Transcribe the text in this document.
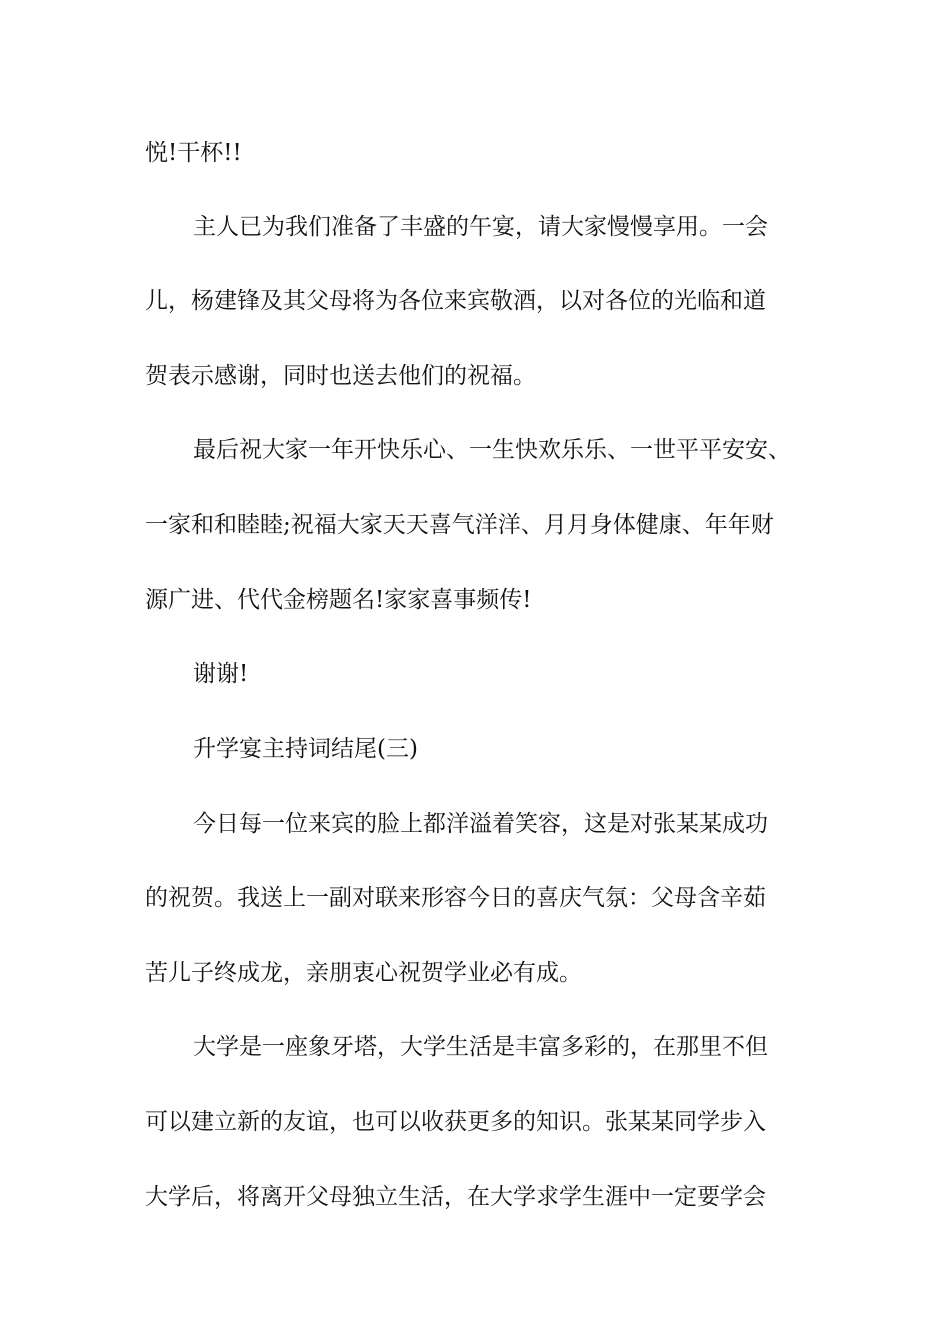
悦!干杯!!
主人已为我们准备了丰盛的午宴，请大家慢慢享用。一会
儿，杨建锋及其父母将为各位来宾敬酒，以对各位的光临和道
贺表示感谢，同时也送去他们的祝福。
最后祝大家一年开快乐心、一生快欢乐乐、一世平平安安、
一家和和睦睦;祝福大家天天喜气洋洋、月月身体健康、年年财
源广进、代代金榜题名!家家喜事频传!
谢谢!
升学宴主持词结尾(三)
今日每一位来宾的脸上都洋溢着笑容，这是对张某某成功
的祝贺。我送上一副对联来形容今日的喜庆气氛：父母含辛茹
苦儿子终成龙，亲朋衷心祝贺学业必有成。
大学是一座象牙塔，大学生活是丰富多彩的，在那里不但
可以建立新的友谊，也可以收获更多的知识。张某某同学步入
大学后，将离开父母独立生活，在大学求学生涯中一定要学会
